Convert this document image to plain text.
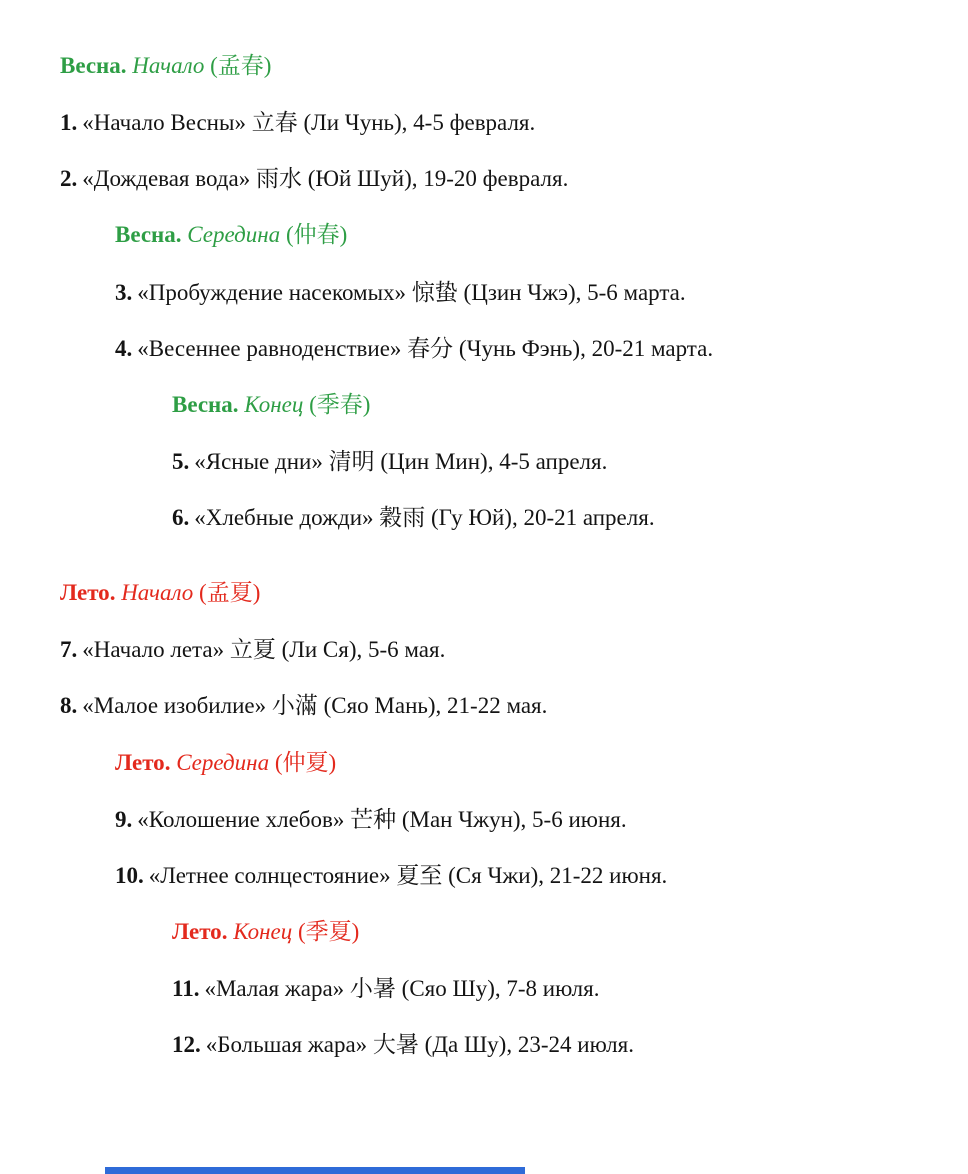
Весна. Начало (孟春)

1. «Начало Весны» 立春 (Ли Чунь), 4-5 февраля.

2. «Дождевая вода» 雨水 (Юй Шуй), 19-20 февраля.

Весна. Середина (仲春)

3. «Пробуждение насекомых» 惊蛰 (Цзин Чжэ), 5-6 марта.

4. «Весеннее равноденствие» 春分 (Чунь Фэнь), 20-21 марта.

Весна. Конец (季春)

5. «Ясные дни» 清明 (Цин Мин), 4-5 апреля.

6. «Хлебные дожди» 穀雨 (Гу Юй), 20-21 апреля.

Лето. Начало (孟夏)

7. «Начало лета» 立夏 (Ли Ся), 5-6 мая.

8. «Малое изобилие» 小滿 (Сяо Мань), 21-22 мая.

Лето. Середина (仲夏)

9. «Колошение хлебов» 芒种 (Ман Чжун), 5-6 июня.

10. «Летнее солнцестояние» 夏至 (Ся Чжи), 21-22 июня.

Лето. Конец (季夏)

11. «Малая жара» 小暑 (Сяо Шу), 7-8 июля.

12. «Большая жара» 大暑 (Да Шу), 23-24 июля.
